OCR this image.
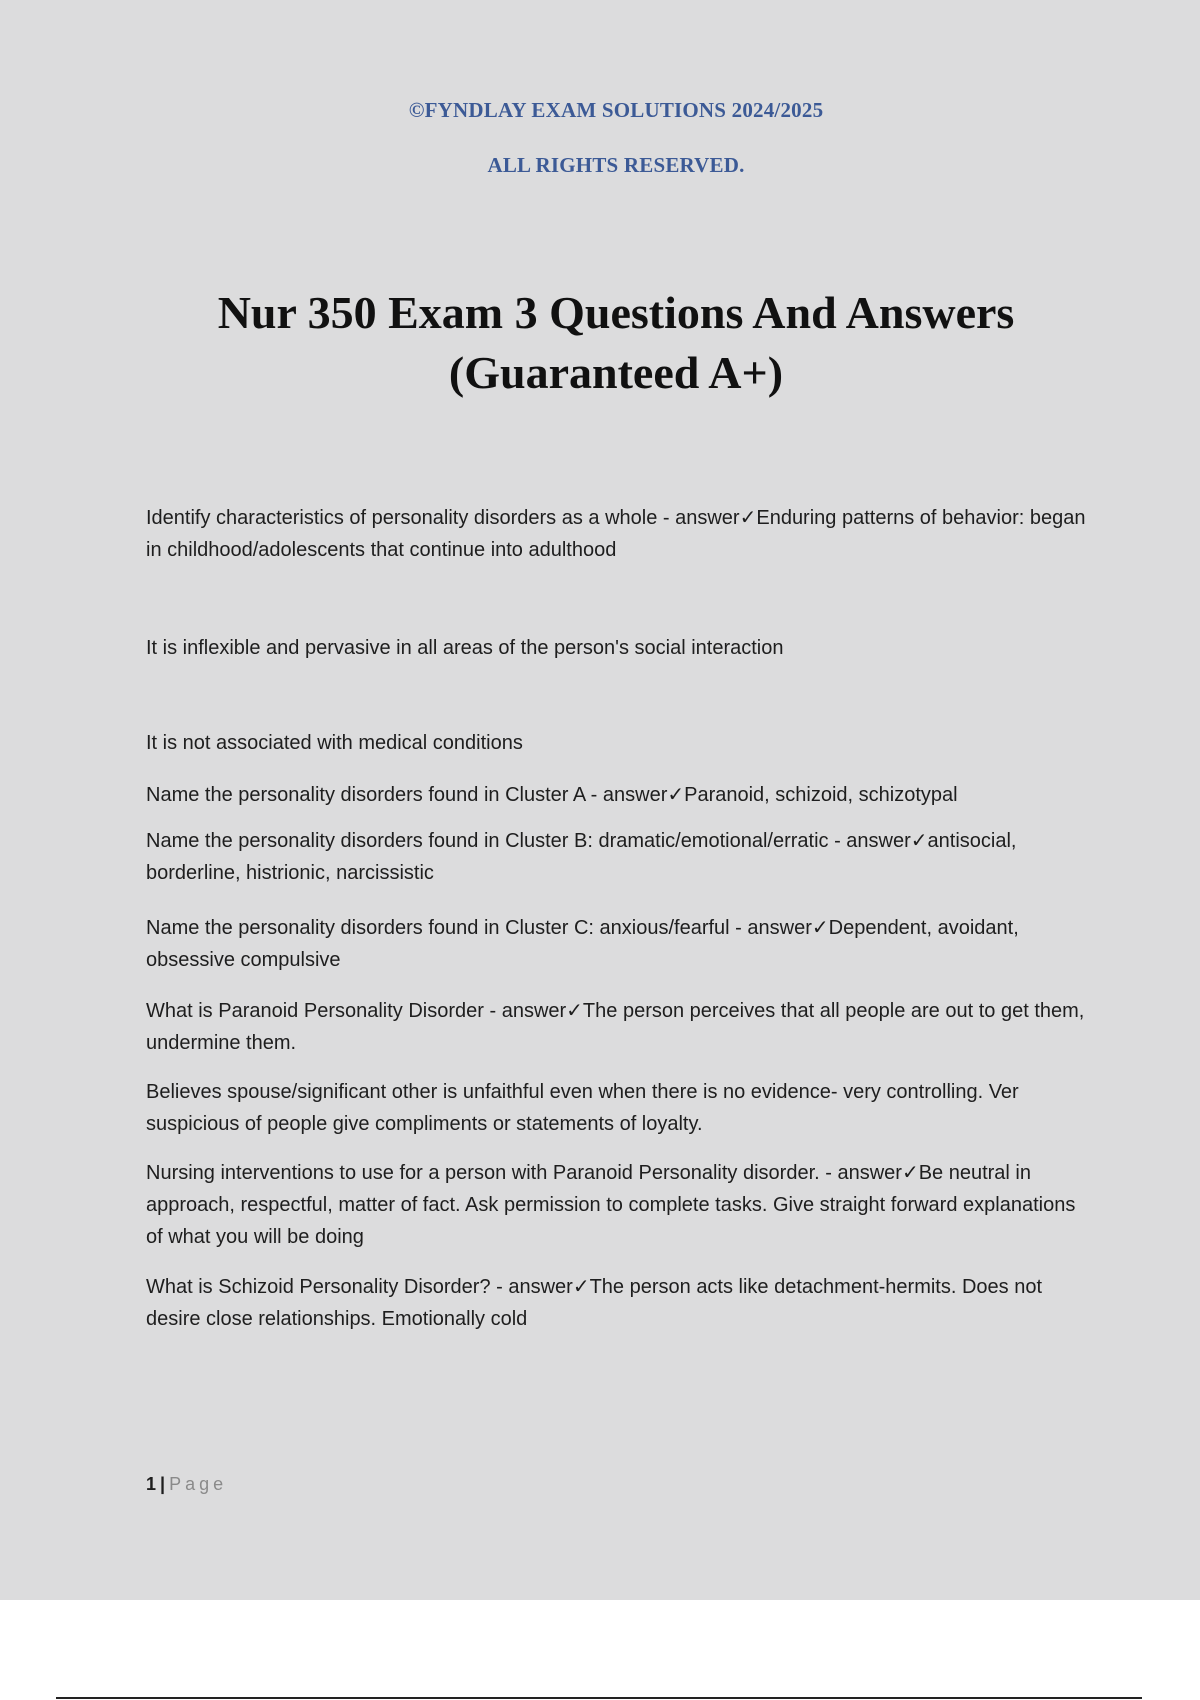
©FYNDLAY EXAM SOLUTIONS 2024/2025
ALL RIGHTS RESERVED.
Nur 350 Exam 3 Questions And Answers
(Guaranteed A+)

Identify characteristics of personality disorders as a whole - answer✓Enduring patterns of behavior: began in childhood/adolescents that continue into adulthood

It is inflexible and pervasive in all areas of the person's social interaction

It is not associated with medical conditions

Name the personality disorders found in Cluster A - answer✓Paranoid, schizoid, schizotypal

Name the personality disorders found in Cluster B: dramatic/emotional/erratic - answer✓antisocial, borderline, histrionic, narcissistic

Name the personality disorders found in Cluster C: anxious/fearful - answer✓Dependent, avoidant, obsessive compulsive

What is Paranoid Personality Disorder - answer✓The person perceives that all people are out to get them, undermine them.

Believes spouse/significant other is unfaithful even when there is no evidence- very controlling. Ver suspicious of people give compliments or statements of loyalty.

Nursing interventions to use for a person with Paranoid Personality disorder. - answer✓Be neutral in approach, respectful, matter of fact. Ask permission to complete tasks. Give straight forward explanations of what you will be doing

What is Schizoid Personality Disorder? - answer✓The person acts like detachment-hermits. Does not desire close relationships. Emotionally cold

1 | Page
